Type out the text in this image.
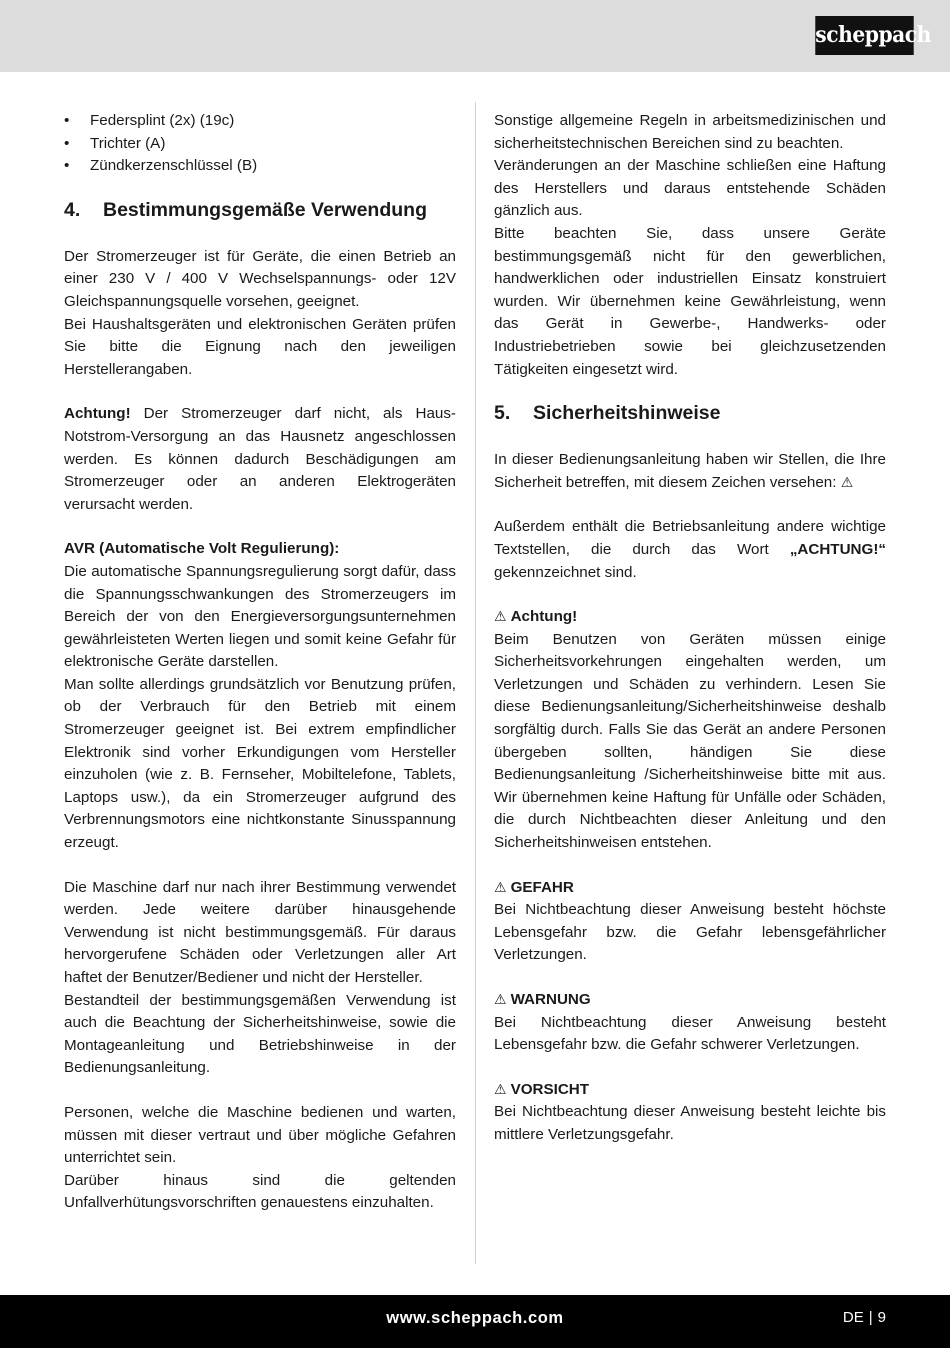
scheppach
• Federsplint (2x) (19c)
• Trichter (A)
• Zündkerzenschlüssel (B)
4. Bestimmungsgemäße Verwendung

Der Stromerzeuger ist für Geräte, die einen Betrieb an einer 230 V / 400 V Wechselspannungs- oder 12V Gleichspannungsquelle vorsehen, geeignet.

Bei Haushaltsgeräten und elektronischen Geräten prüfen Sie bitte die Eignung nach den jeweiligen Herstellerangaben.

Achtung! Der Stromerzeuger darf nicht, als Haus-Notstrom-Versorgung an das Hausnetz angeschlossen werden. Es können dadurch Beschädigungen am Stromerzeuger oder an anderen Elektrogeräten verursacht werden.

AVR (Automatische Volt Regulierung):

Die automatische Spannungsregulierung sorgt dafür, dass die Spannungsschwankungen des Stromerzeugers im Bereich der von den Energieversorgungsunternehmen gewährleisteten Werten liegen und somit keine Gefahr für elektronische Geräte darstellen.

Man sollte allerdings grundsätzlich vor Benutzung prüfen, ob der Verbrauch für den Betrieb mit einem Stromerzeuger geeignet ist. Bei extrem empfindlicher Elektronik sind vorher Erkundigungen vom Hersteller einzuholen (wie z. B. Fernseher, Mobiltelefone, Tablets, Laptops usw.), da ein Stromerzeuger aufgrund des Verbrennungsmotors eine nichtkonstante Sinusspannung erzeugt.

Die Maschine darf nur nach ihrer Bestimmung verwendet werden. Jede weitere darüber hinausgehende Verwendung ist nicht bestimmungsgemäß. Für daraus hervorgerufene Schäden oder Verletzungen aller Art haftet der Benutzer/Bediener und nicht der Hersteller.

Bestandteil der bestimmungsgemäßen Verwendung ist auch die Beachtung der Sicherheitshinweise, sowie die Montageanleitung und Betriebshinweise in der Bedienungsanleitung.

Personen, welche die Maschine bedienen und warten, müssen mit dieser vertraut und über mögliche Gefahren unterrichtet sein.

Darüber hinaus sind die geltenden Unfallverhütungsvorschriften genauestens einzuhalten.

Sonstige allgemeine Regeln in arbeitsmedizinischen und sicherheitstechnischen Bereichen sind zu beachten.

Veränderungen an der Maschine schließen eine Haftung des Herstellers und daraus entstehende Schäden gänzlich aus.

Bitte beachten Sie, dass unsere Geräte bestimmungsgemäß nicht für den gewerblichen, handwerklichen oder industriellen Einsatz konstruiert wurden. Wir übernehmen keine Gewährleistung, wenn das Gerät in Gewerbe-, Handwerks- oder Industriebetrieben sowie bei gleichzusetzenden Tätigkeiten eingesetzt wird.

5. Sicherheitshinweise

In dieser Bedienungsanleitung haben wir Stellen, die Ihre Sicherheit betreffen, mit diesem Zeichen versehen: ⚠

Außerdem enthält die Betriebsanleitung andere wichtige Textstellen, die durch das Wort „ACHTUNG!“ gekennzeichnet sind.

⚠ Achtung!

Beim Benutzen von Geräten müssen einige Sicherheitsvorkehrungen eingehalten werden, um Verletzungen und Schäden zu verhindern. Lesen Sie diese Bedienungsanleitung/Sicherheitshinweise deshalb sorgfältig durch. Falls Sie das Gerät an andere Personen übergeben sollten, händigen Sie diese Bedienungsanleitung /Sicherheitshinweise bitte mit aus. Wir übernehmen keine Haftung für Unfälle oder Schäden, die durch Nichtbeachten dieser Anleitung und den Sicherheitshinweisen entstehen.

⚠ GEFAHR

Bei Nichtbeachtung dieser Anweisung besteht höchste Lebensgefahr bzw. die Gefahr lebensgefährlicher Verletzungen.

⚠ WARNUNG

Bei Nichtbeachtung dieser Anweisung besteht Lebensgefahr bzw. die Gefahr schwerer Verletzungen.

⚠ VORSICHT

Bei Nichtbeachtung dieser Anweisung besteht leichte bis mittlere Verletzungsgefahr.

www.scheppach.com	DE | 9
